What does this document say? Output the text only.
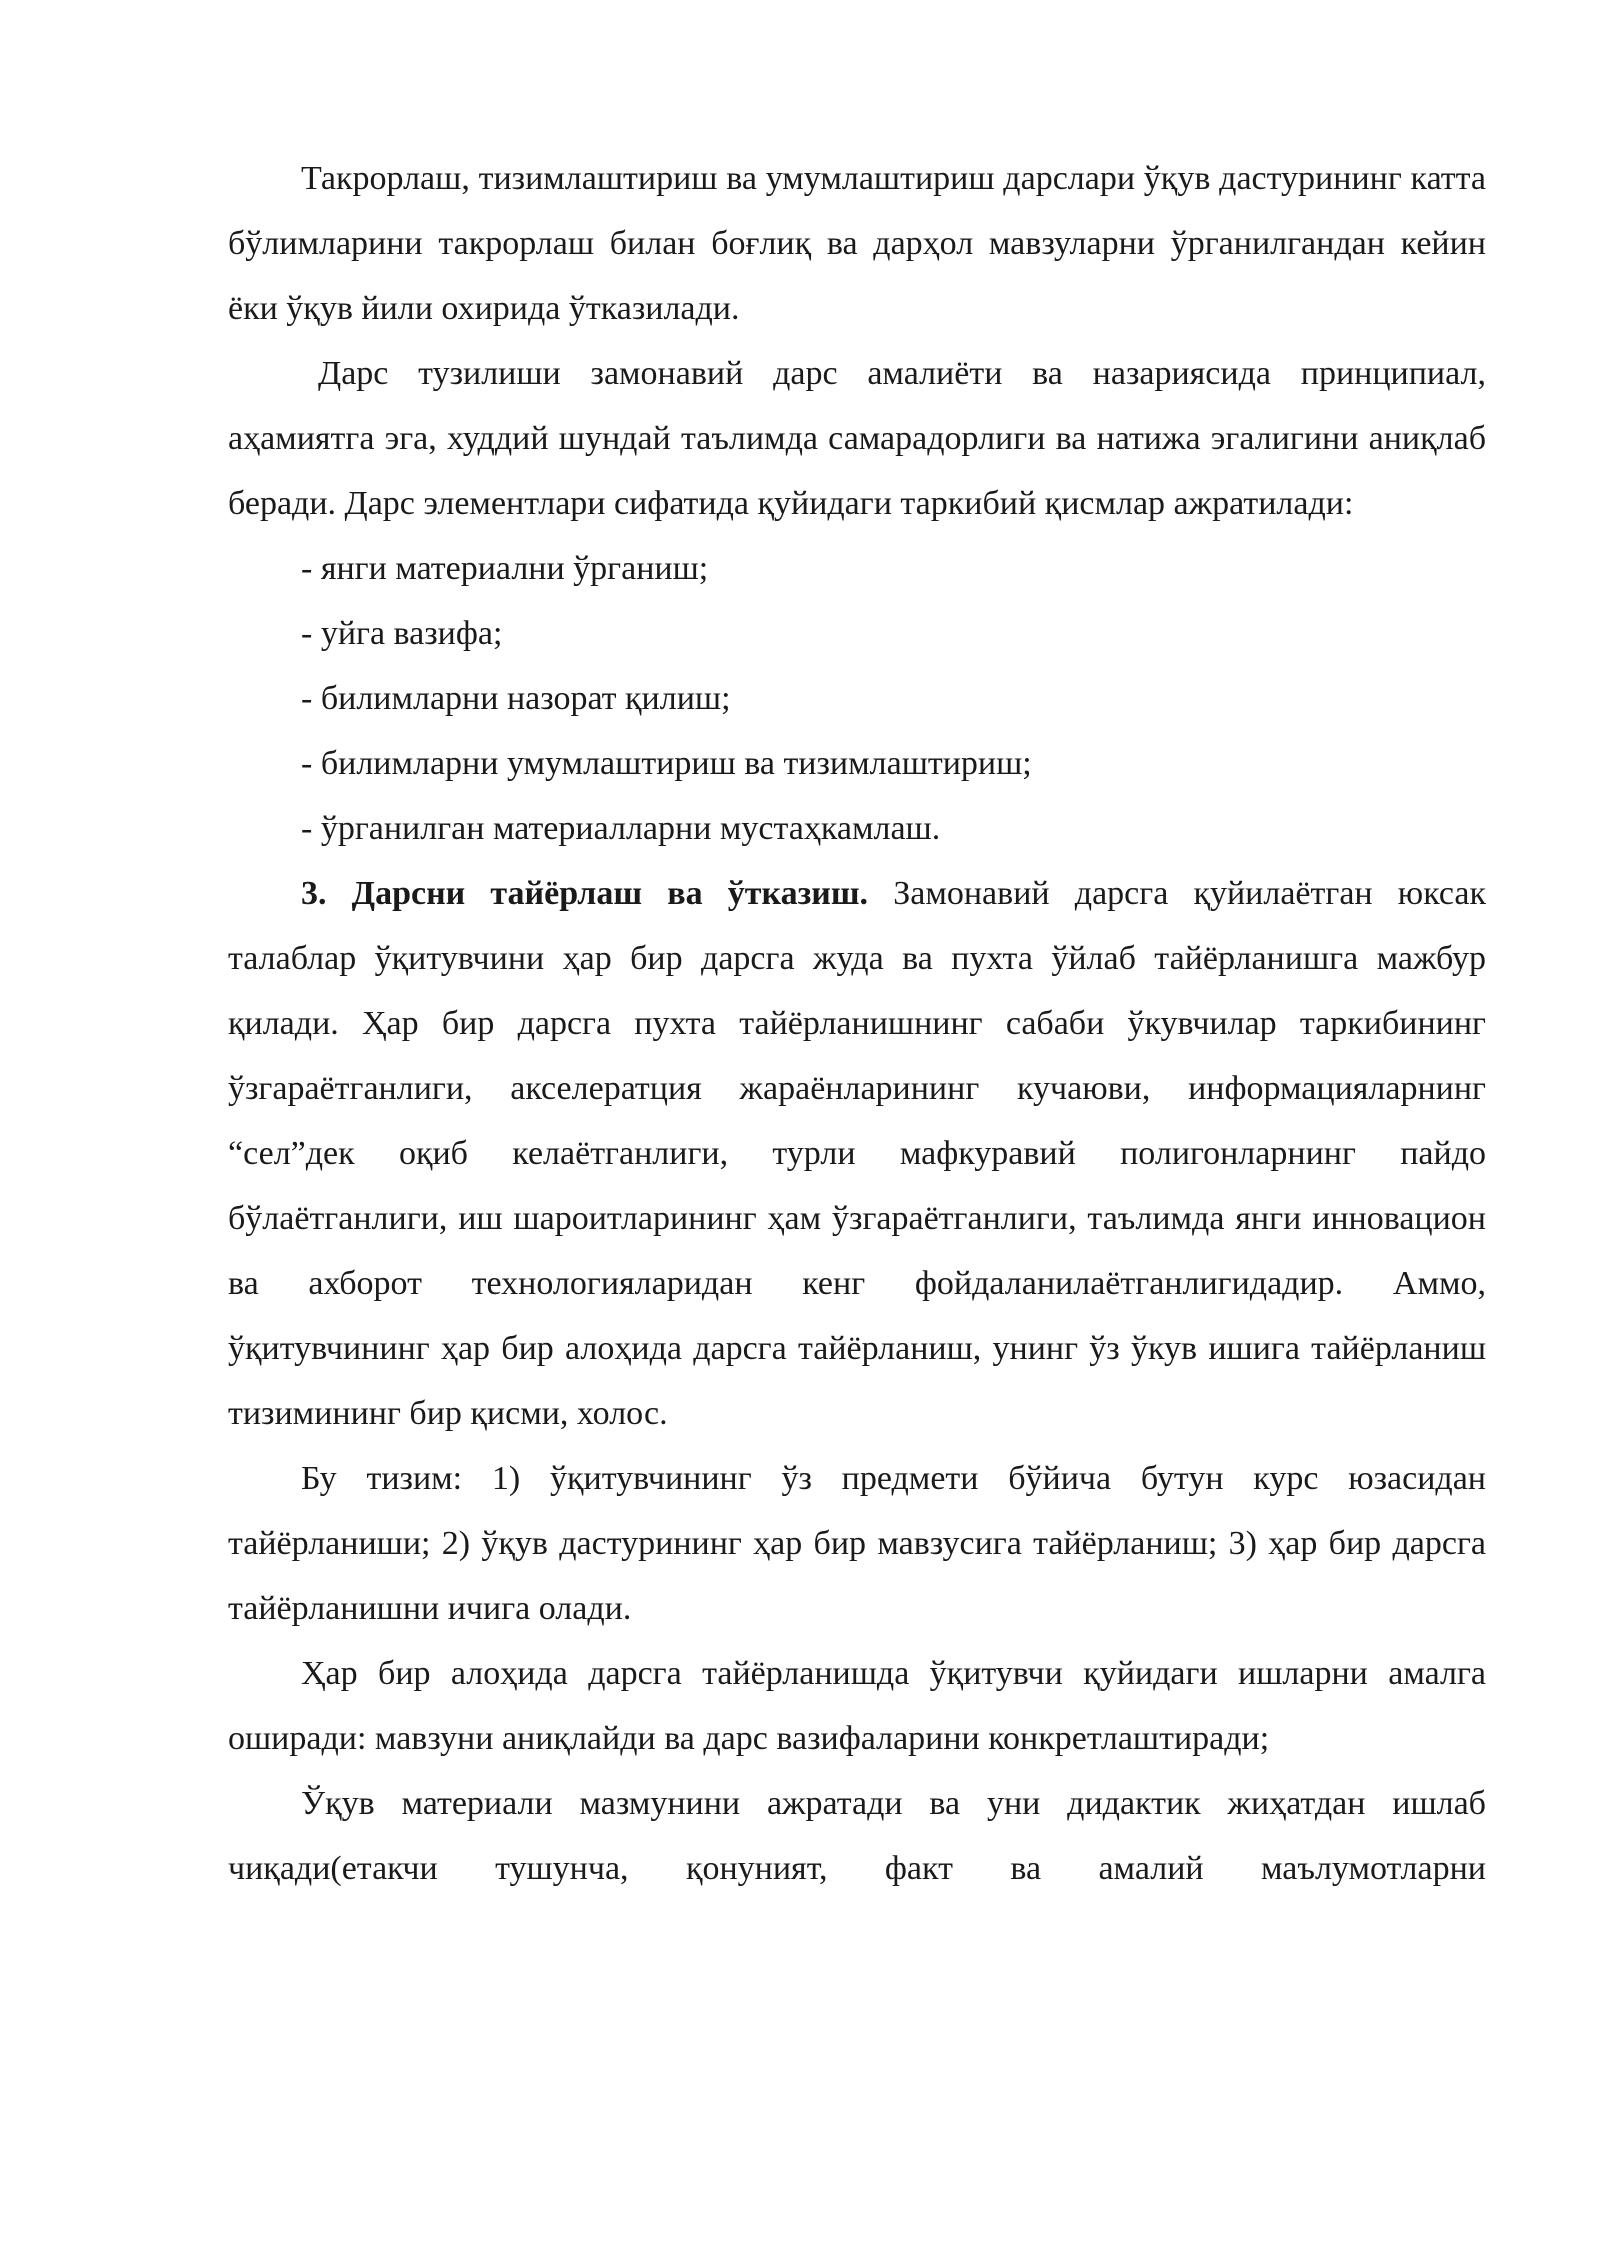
Такрорлаш, тизимлаштириш ва умумлаштириш дарслари ўқув дастурининг катта бўлимларини такрорлаш билан боғлиқ ва дарҳол мавзуларни ўрганилгандан кейин ёки ўқув йили охирида ўтказилади.

Дарс тузилиши замонавий дарс амалиёти ва назариясида принципиал, аҳамиятга эга, худдий шундай таълимда самарадорлиги ва натижа эгалигини аниқлаб беради. Дарс элементлари сифатида қуйидаги таркибий қисмлар ажратилади:

- янги материални ўрганиш;

- уйга вазифа;

- билимларни назорат қилиш;

- билимларни умумлаштириш ва тизимлаштириш;

- ўрганилган материалларни мустаҳкамлаш.

3. Дарсни тайёрлаш ва ўтказиш. Замонавий дарсга қуйилаётган юксак талаблар ўқитувчини ҳар бир дарсга жуда ва пухта ўйлаб тайёрланишга мажбур қилади. Ҳар бир дарсга пухта тайёрланишнинг сабаби ўкувчилар таркибининг ўзгараётганлиги, акселератция жараёнларининг кучаюви, информацияларнинг “сел”дек оқиб келаётганлиги, турли мафкуравий полигонларнинг пайдо бўлаётганлиги, иш шароитларининг ҳам ўзгараётганлиги, таълимда янги инновацион ва ахборот технологияларидан кенг фойдаланилаётганлигидадир. Аммо, ўқитувчининг ҳар бир алоҳида дарсга тайёрланиш, унинг ўз ўкув ишига тайёрланиш тизимининг бир қисми, холос.

Бу тизим: 1) ўқитувчининг ўз предмети бўйича бутун курс юзасидан тайёрланиши; 2) ўқув дастурининг ҳар бир мавзусига тайёрланиш; 3) ҳар бир дарсга тайёрланишни ичига олади.

Ҳар бир алоҳида дарсга тайёрланишда ўқитувчи қуйидаги ишларни амалга оширади: мавзуни аниқлайди ва дарс вазифаларини конкретлаштиради;

Ўқув материали мазмунини ажратади ва уни дидактик жиҳатдан ишлаб чиқади(етакчи тушунча, қонуният, факт ва амалий маълумотларни
